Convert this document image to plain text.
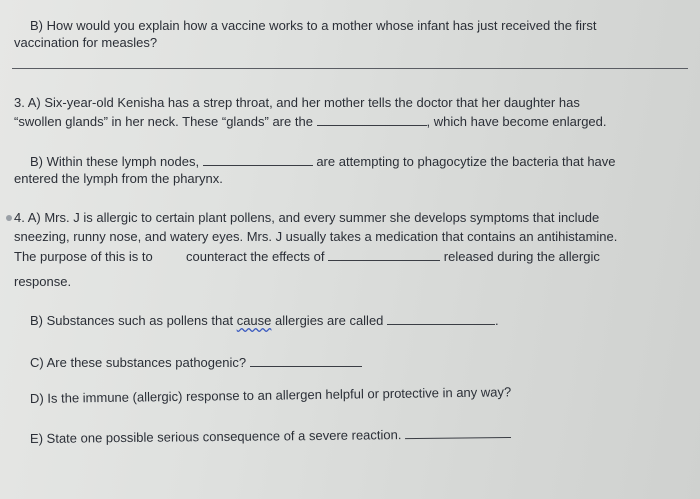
B) How would you explain how a vaccine works to a mother whose infant has just received the first
vaccination for measles?
3. A) Six-year-old Kenisha has a strep throat, and her mother tells the doctor that her daughter has
“swollen glands” in her neck. These “glands” are the	, which have become enlarged.
B) Within these lymph nodes,	are attempting to phagocytize the bacteria that have
entered the lymph from the pharynx.
4. A) Mrs. J is allergic to certain plant pollens, and every summer she develops symptoms that include
sneezing, runny nose, and watery eyes. Mrs. J usually takes a medication that contains an antihistamine.
The purpose of this is to	counteract the effects of	released during the allergic
response.
B) Substances such as pollens that cause allergies are called	.
C) Are these substances pathogenic?
D) Is the immune (allergic) response to an allergen helpful or protective in any way?
E) State one possible serious consequence of a severe reaction.
